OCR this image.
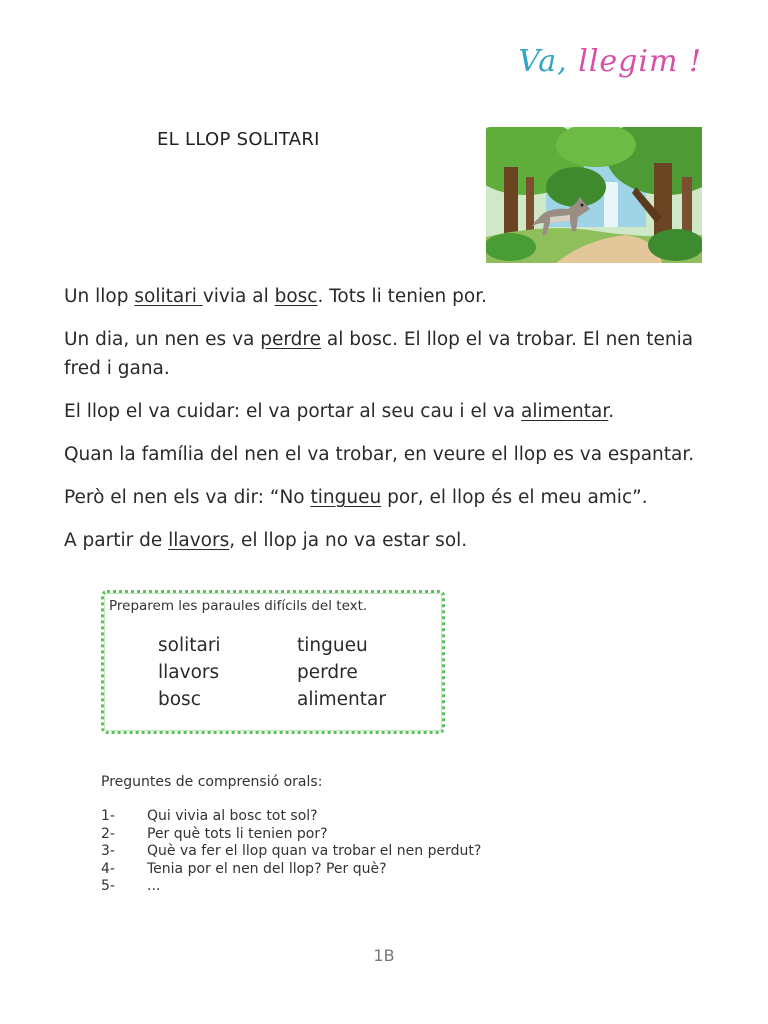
Va, llegim !
EL LLOP SOLITARI

Un llop solitari vivia al bosc. Tots li tenien por.

Un dia, un nen es va perdre al bosc. El llop el va trobar. El nen tenia fred i gana.

El llop el va cuidar: el va portar al seu cau i el va alimentar.

Quan la família del nen el va trobar, en veure el llop es va espantar.

Però el nen els va dir: “No tingueu por, el llop és el meu amic”.

A partir de llavors, el llop ja no va estar sol.

Preparem les paraules difícils del text.
solitari	tingueu
llavors	perdre
bosc	alimentar
Preguntes de comprensió orals:
1-	Qui vivia al bosc tot sol?
2-	Per què tots li tenien por?
3-	Què va fer el llop quan va trobar el nen perdut?
4-	Tenia por el nen del llop? Per què?
5-	...
1B
